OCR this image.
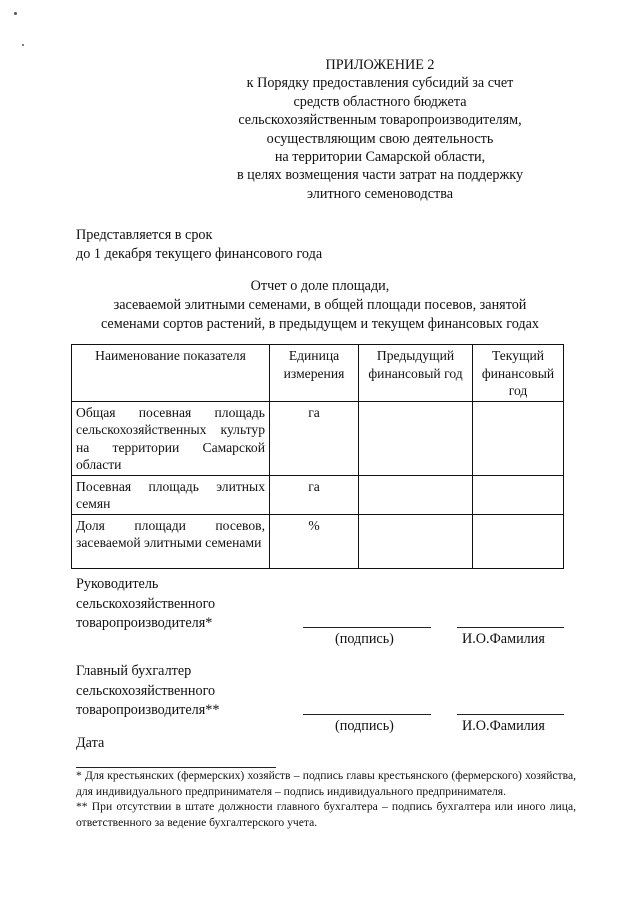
ПРИЛОЖЕНИЕ 2
к Порядку предоставления субсидий за счет
средств областного бюджета
сельскохозяйственным товаропроизводителям,
осуществляющим свою деятельность
на территории Самарской области,
в целях возмещения части затрат на поддержку
элитного семеноводства
Представляется в срок
до 1 декабря текущего финансового года
Отчет о доле площади,
засеваемой элитными семенами, в общей площади посевов, занятой
семенами сортов растений, в предыдущем и текущем финансовых годах
Наименование показателя	Единица измерения	Предыдущий финансовый год	Текущий финансовый год
Общая посевная площадь сельскохозяйственных культур на территории Самарской области	га		
Посевная площадь элитных семян	га		
Доля площади посевов, засеваемой элитными семенами	%		
Руководитель
сельскохозяйственного
товаропроизводителя*
(подпись)	И.О.Фамилия
Главный бухгалтер
сельскохозяйственного
товаропроизводителя**
(подпись)	И.О.Фамилия
Дата

* Для крестьянских (фермерских) хозяйств – подпись главы крестьянского (фермерского) хозяйства, для индивидуального предпринимателя – подпись индивидуального предпринимателя.

** При отсутствии в штате должности главного бухгалтера – подпись бухгалтера или иного лица, ответственного за ведение бухгалтерского учета.
